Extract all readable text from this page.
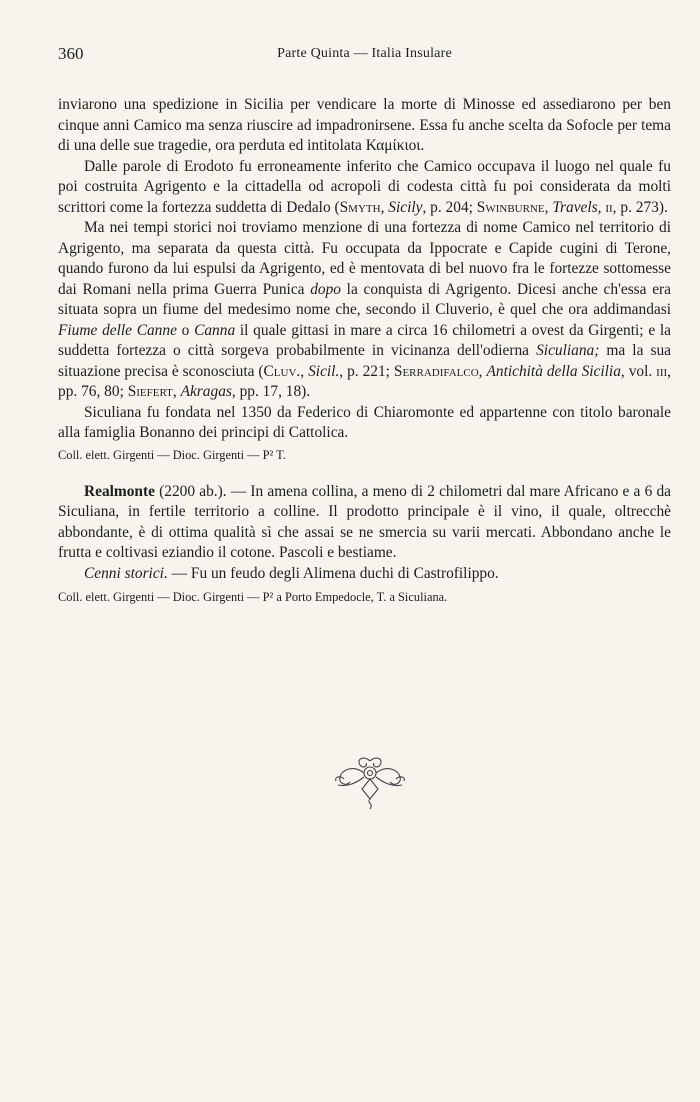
360	Parte Quinta — Italia Insulare

inviarono una spedizione in Sicilia per vendicare la morte di Minosse ed assediarono per ben cinque anni Camico ma senza riuscire ad impadronirsene. Essa fu anche scelta da Sofocle per tema di una delle sue tragedie, ora perduta ed intitolata Καμίκιοι.

Dalle parole di Erodoto fu erroneamente inferito che Camico occupava il luogo nel quale fu poi costruita Agrigento e la cittadella od acropoli di codesta città fu poi considerata da molti scrittori come la fortezza suddetta di Dedalo (Smyth, Sicily, p. 204; Swinburne, Travels, ii, p. 273).

Ma nei tempi storici noi troviamo menzione di una fortezza di nome Camico nel territorio di Agrigento, ma separata da questa città. Fu occupata da Ippocrate e Capide cugini di Terone, quando furono da lui espulsi da Agrigento, ed è mentovata di bel nuovo fra le fortezze sottomesse dai Romani nella prima Guerra Punica dopo la conquista di Agrigento. Dicesi anche ch'essa era situata sopra un fiume del medesimo nome che, secondo il Cluverio, è quel che ora addimandasi Fiume delle Canne o Canna il quale gittasi in mare a circa 16 chilometri a ovest da Girgenti; e la suddetta fortezza o città sorgeva probabilmente in vicinanza dell'odierna Siculiana; ma la sua situazione precisa è sconosciuta (Cluv., Sicil., p. 221; Serradifalco, Antichità della Sicilia, vol. iii, pp. 76, 80; Siefert, Akragas, pp. 17, 18).

Siculiana fu fondata nel 1350 da Federico di Chiaromonte ed appartenne con titolo baronale alla famiglia Bonanno dei principi di Cattolica.

Coll. elett. Girgenti — Dioc. Girgenti — P² T.

Realmonte (2200 ab.). — In amena collina, a meno di 2 chilometri dal mare Africano e a 6 da Siculiana, in fertile territorio a colline. Il prodotto principale è il vino, il quale, oltrecchè abbondante, è di ottima qualità sì che assai se ne smercia su varii mercati. Abbondano anche le frutta e coltivasi eziandio il cotone. Pascoli e bestiame.

Cenni storici. — Fu un feudo degli Alimena duchi di Castrofilippo.

Coll. elett. Girgenti — Dioc. Girgenti — P² a Porto Empedocle, T. a Siculiana.
